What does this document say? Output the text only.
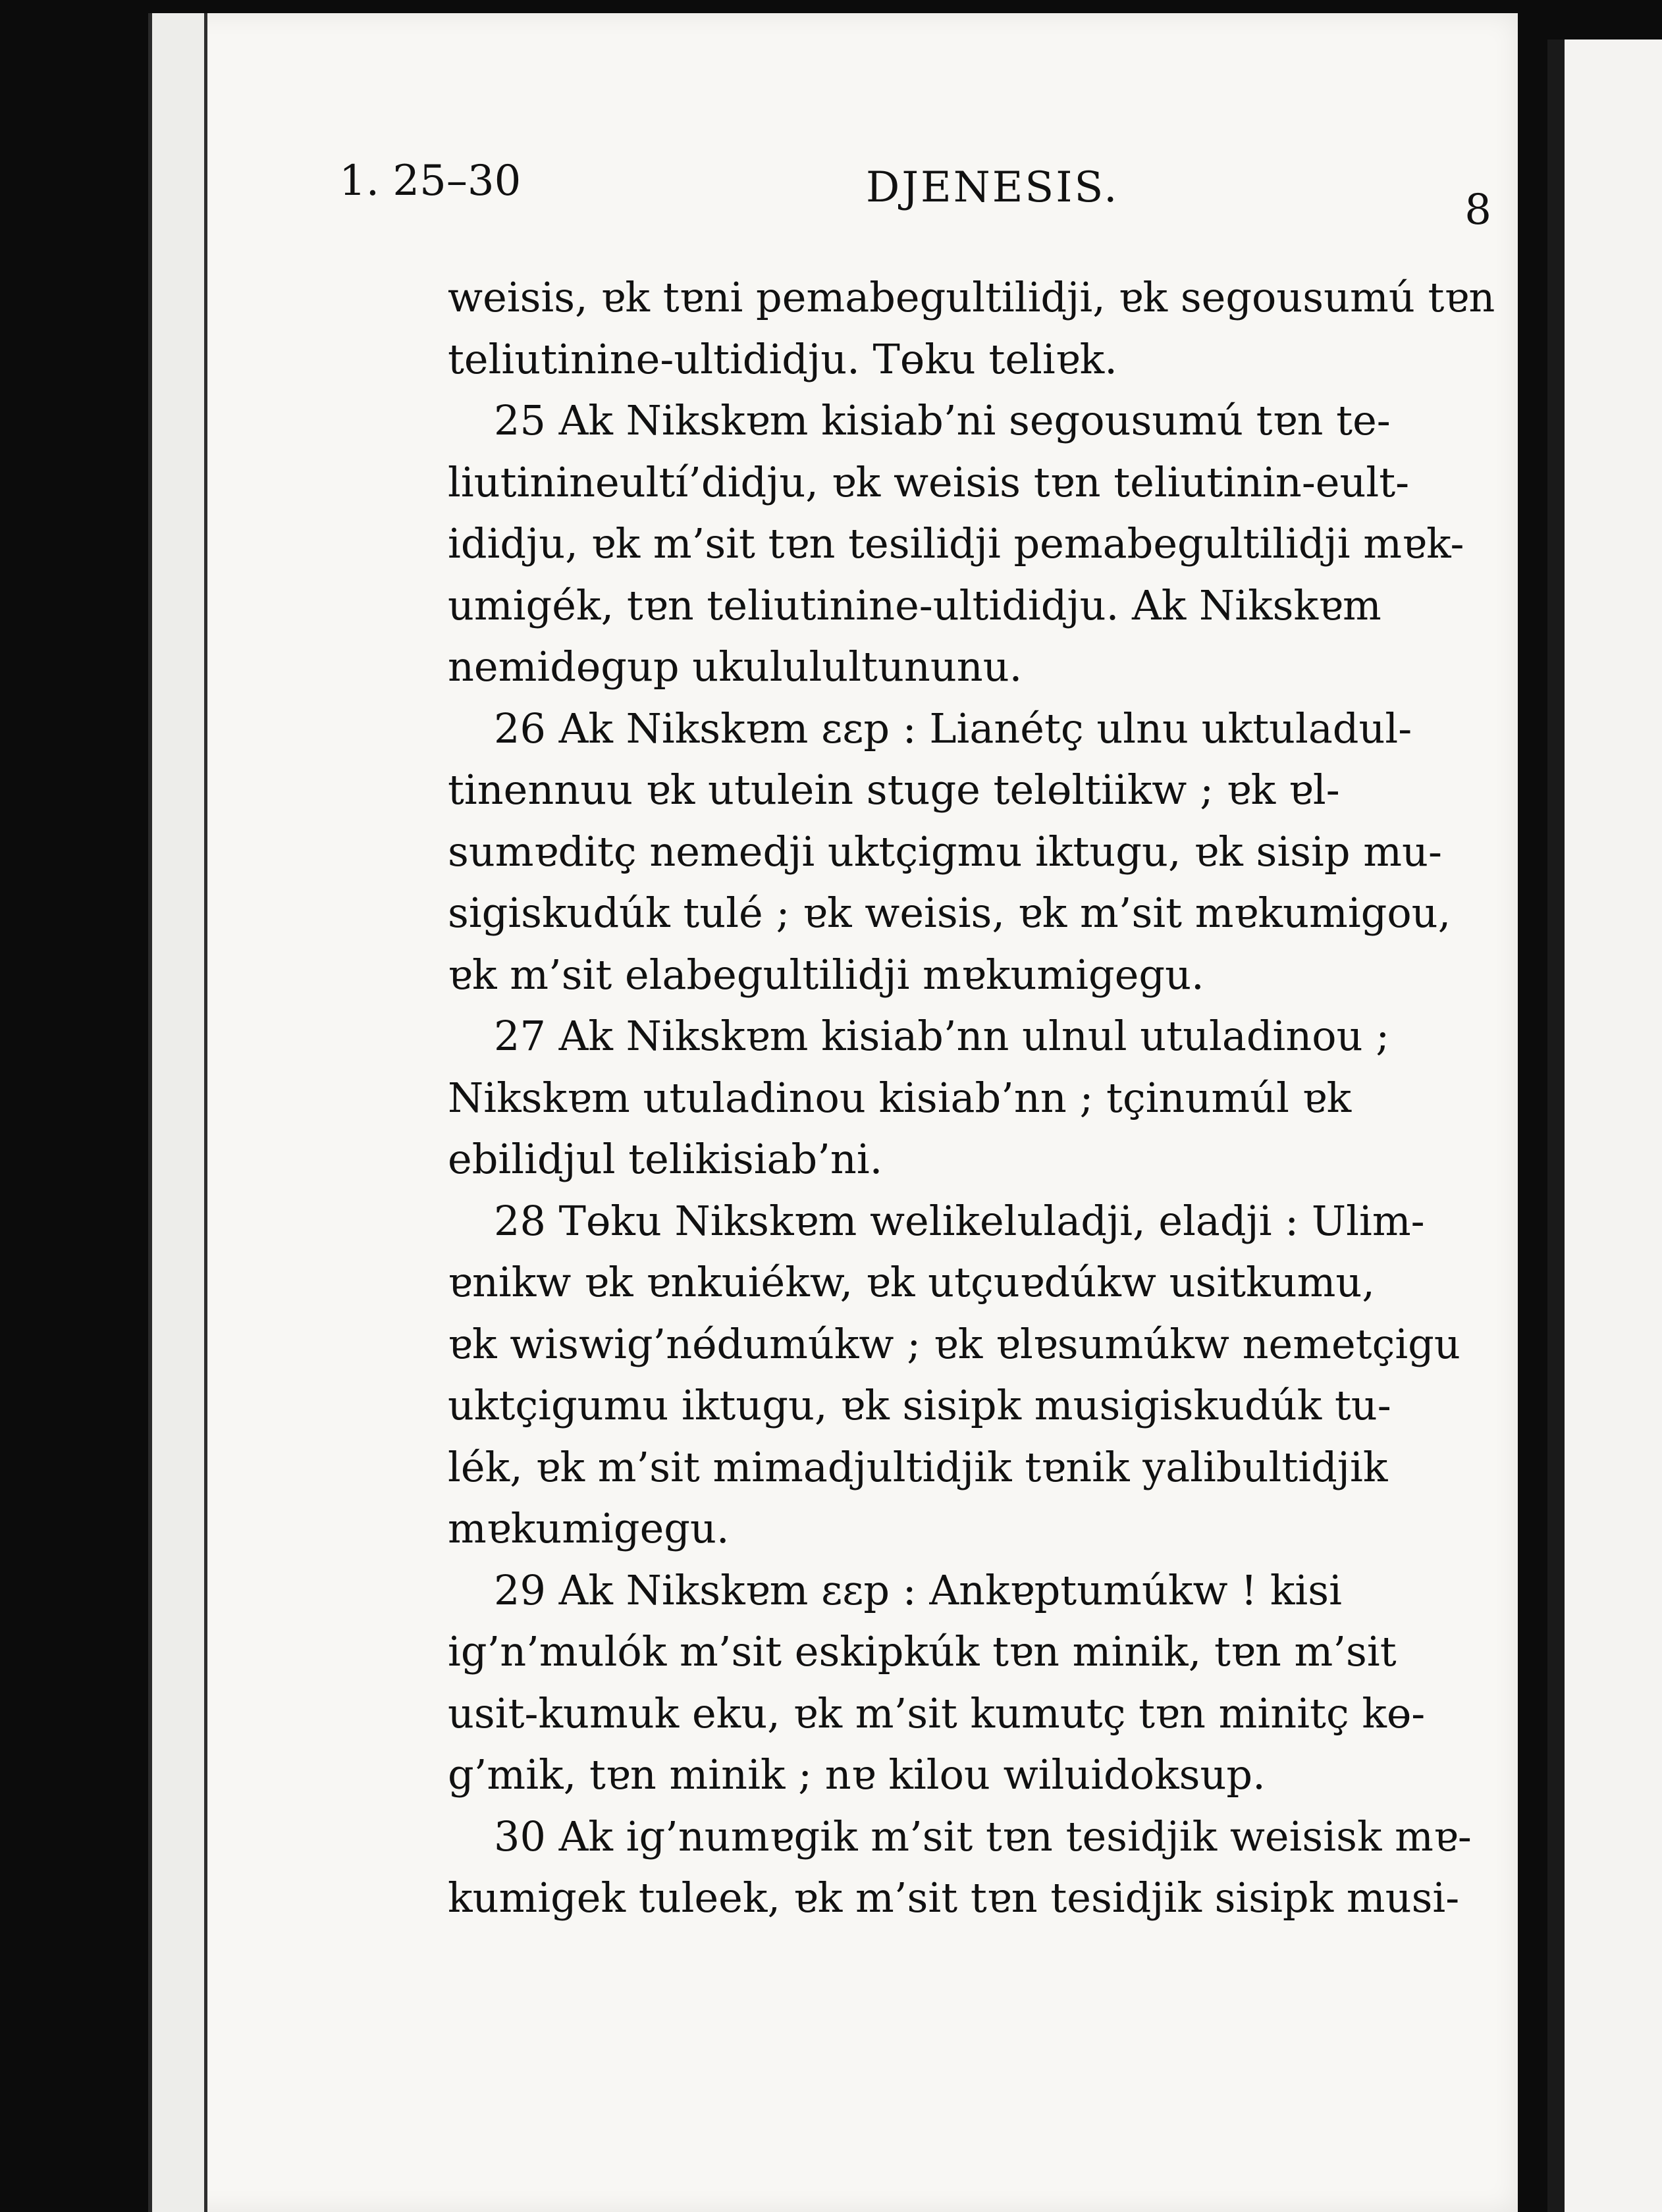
1. 25–30	DJENESIS.	8
weisis, ɐk tɐni pemabegultilidji, ɐk segousumú tɐn
teliutinine-ultididju. Tɵku teliɐk.
25 Ak Nikskɐm kisiab’ni segousumú tɐn te-
liutinineultí’didju, ɐk weisis tɐn teliutinin-eult-
ididju, ɐk m’sit tɐn tesilidji pemabegultilidji mɐk-
umigék, tɐn teliutinine-ultididju. Ak Nikskɐm
nemidɵgup ukululultununu.
26 Ak Nikskɐm ɛɛp : Lianétç ulnu uktuladul-
tinennuu ɐk utulein stuge telɵltiikw ; ɐk ɐl-
sumɐditç nemedji uktçigmu iktugu, ɐk sisip mu-
sigiskudúk tulé ; ɐk weisis, ɐk m’sit mɐkumigou,
ɐk m’sit elabegultilidji mɐkumigegu.
27 Ak Nikskɐm kisiab’nn ulnul utuladinou ;
Nikskɐm utuladinou kisiab’nn ; tçinumúl ɐk
ebilidjul telikisiab’ni.
28 Tɵku Nikskɐm welikeluladji, eladji : Ulim-
ɐnikw ɐk ɐnkuiékw, ɐk utçuɐdúkw usitkumu,
ɐk wiswig’nɵ́dumúkw ; ɐk ɐlɐsumúkw nemetçigu
uktçigumu iktugu, ɐk sisipk musigiskudúk tu-
lék, ɐk m’sit mimadjultidjik tɐnik yalibultidjik
mɐkumigegu.
29 Ak Nikskɐm ɛɛp : Ankɐptumúkw ! kisi
ig’n’mulók m’sit eskipkúk tɐn minik, tɐn m’sit
usit-kumuk eku, ɐk m’sit kumutç tɐn minitç kɵ-
g’mik, tɐn minik ; nɐ kilou wiluidoksup.
30 Ak ig’numɐgik m’sit tɐn tesidjik weisisk mɐ-
kumigek tuleek, ɐk m’sit tɐn tesidjik sisipk musi-
